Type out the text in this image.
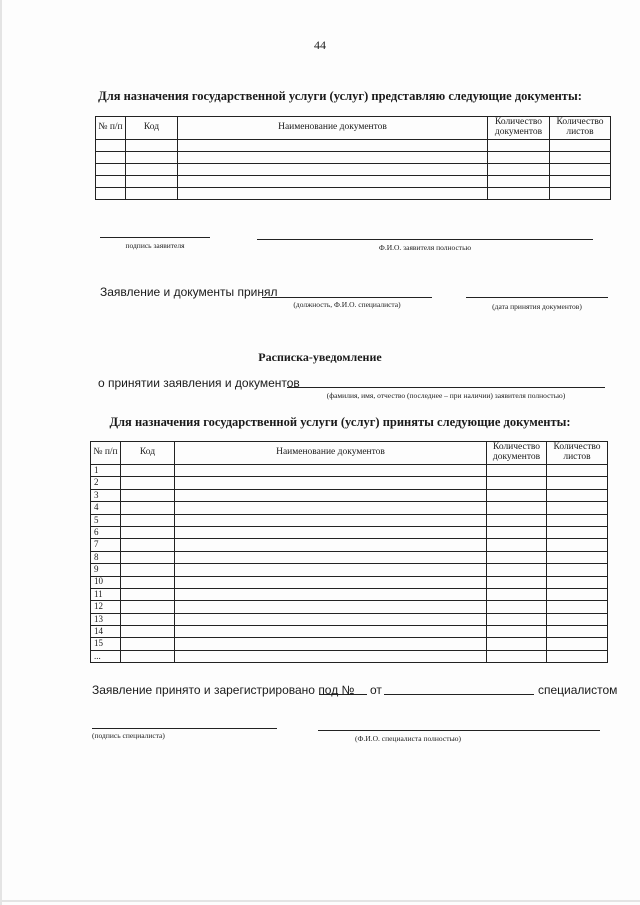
44
Для назначения государственной услуги (услуг) представляю следующие документы:
№ п/п	Код	Наименование документов	Количество документов	Количество листов

подпись заявителя	Ф.И.О. заявителя полностью
Заявление и документы принял
(должность, Ф.И.О. специалиста)	(дата принятия документов)
Расписка-уведомление
о принятии заявления и документов
(фамилия, имя, отчество (последнее – при наличии) заявителя полностью)
Для назначения государственной услуги (услуг) приняты следующие документы:
№ п/п	Код	Наименование документов	Количество документов	Количество листов
1				
2				
3				
4				
5				
6				
7				
8				
9				
10				
11				
12				
13				
14				
15				
...				
Заявление принято и зарегистрировано под № от	специалистом
(подпись специалиста)	(Ф.И.О. специалиста полностью)
